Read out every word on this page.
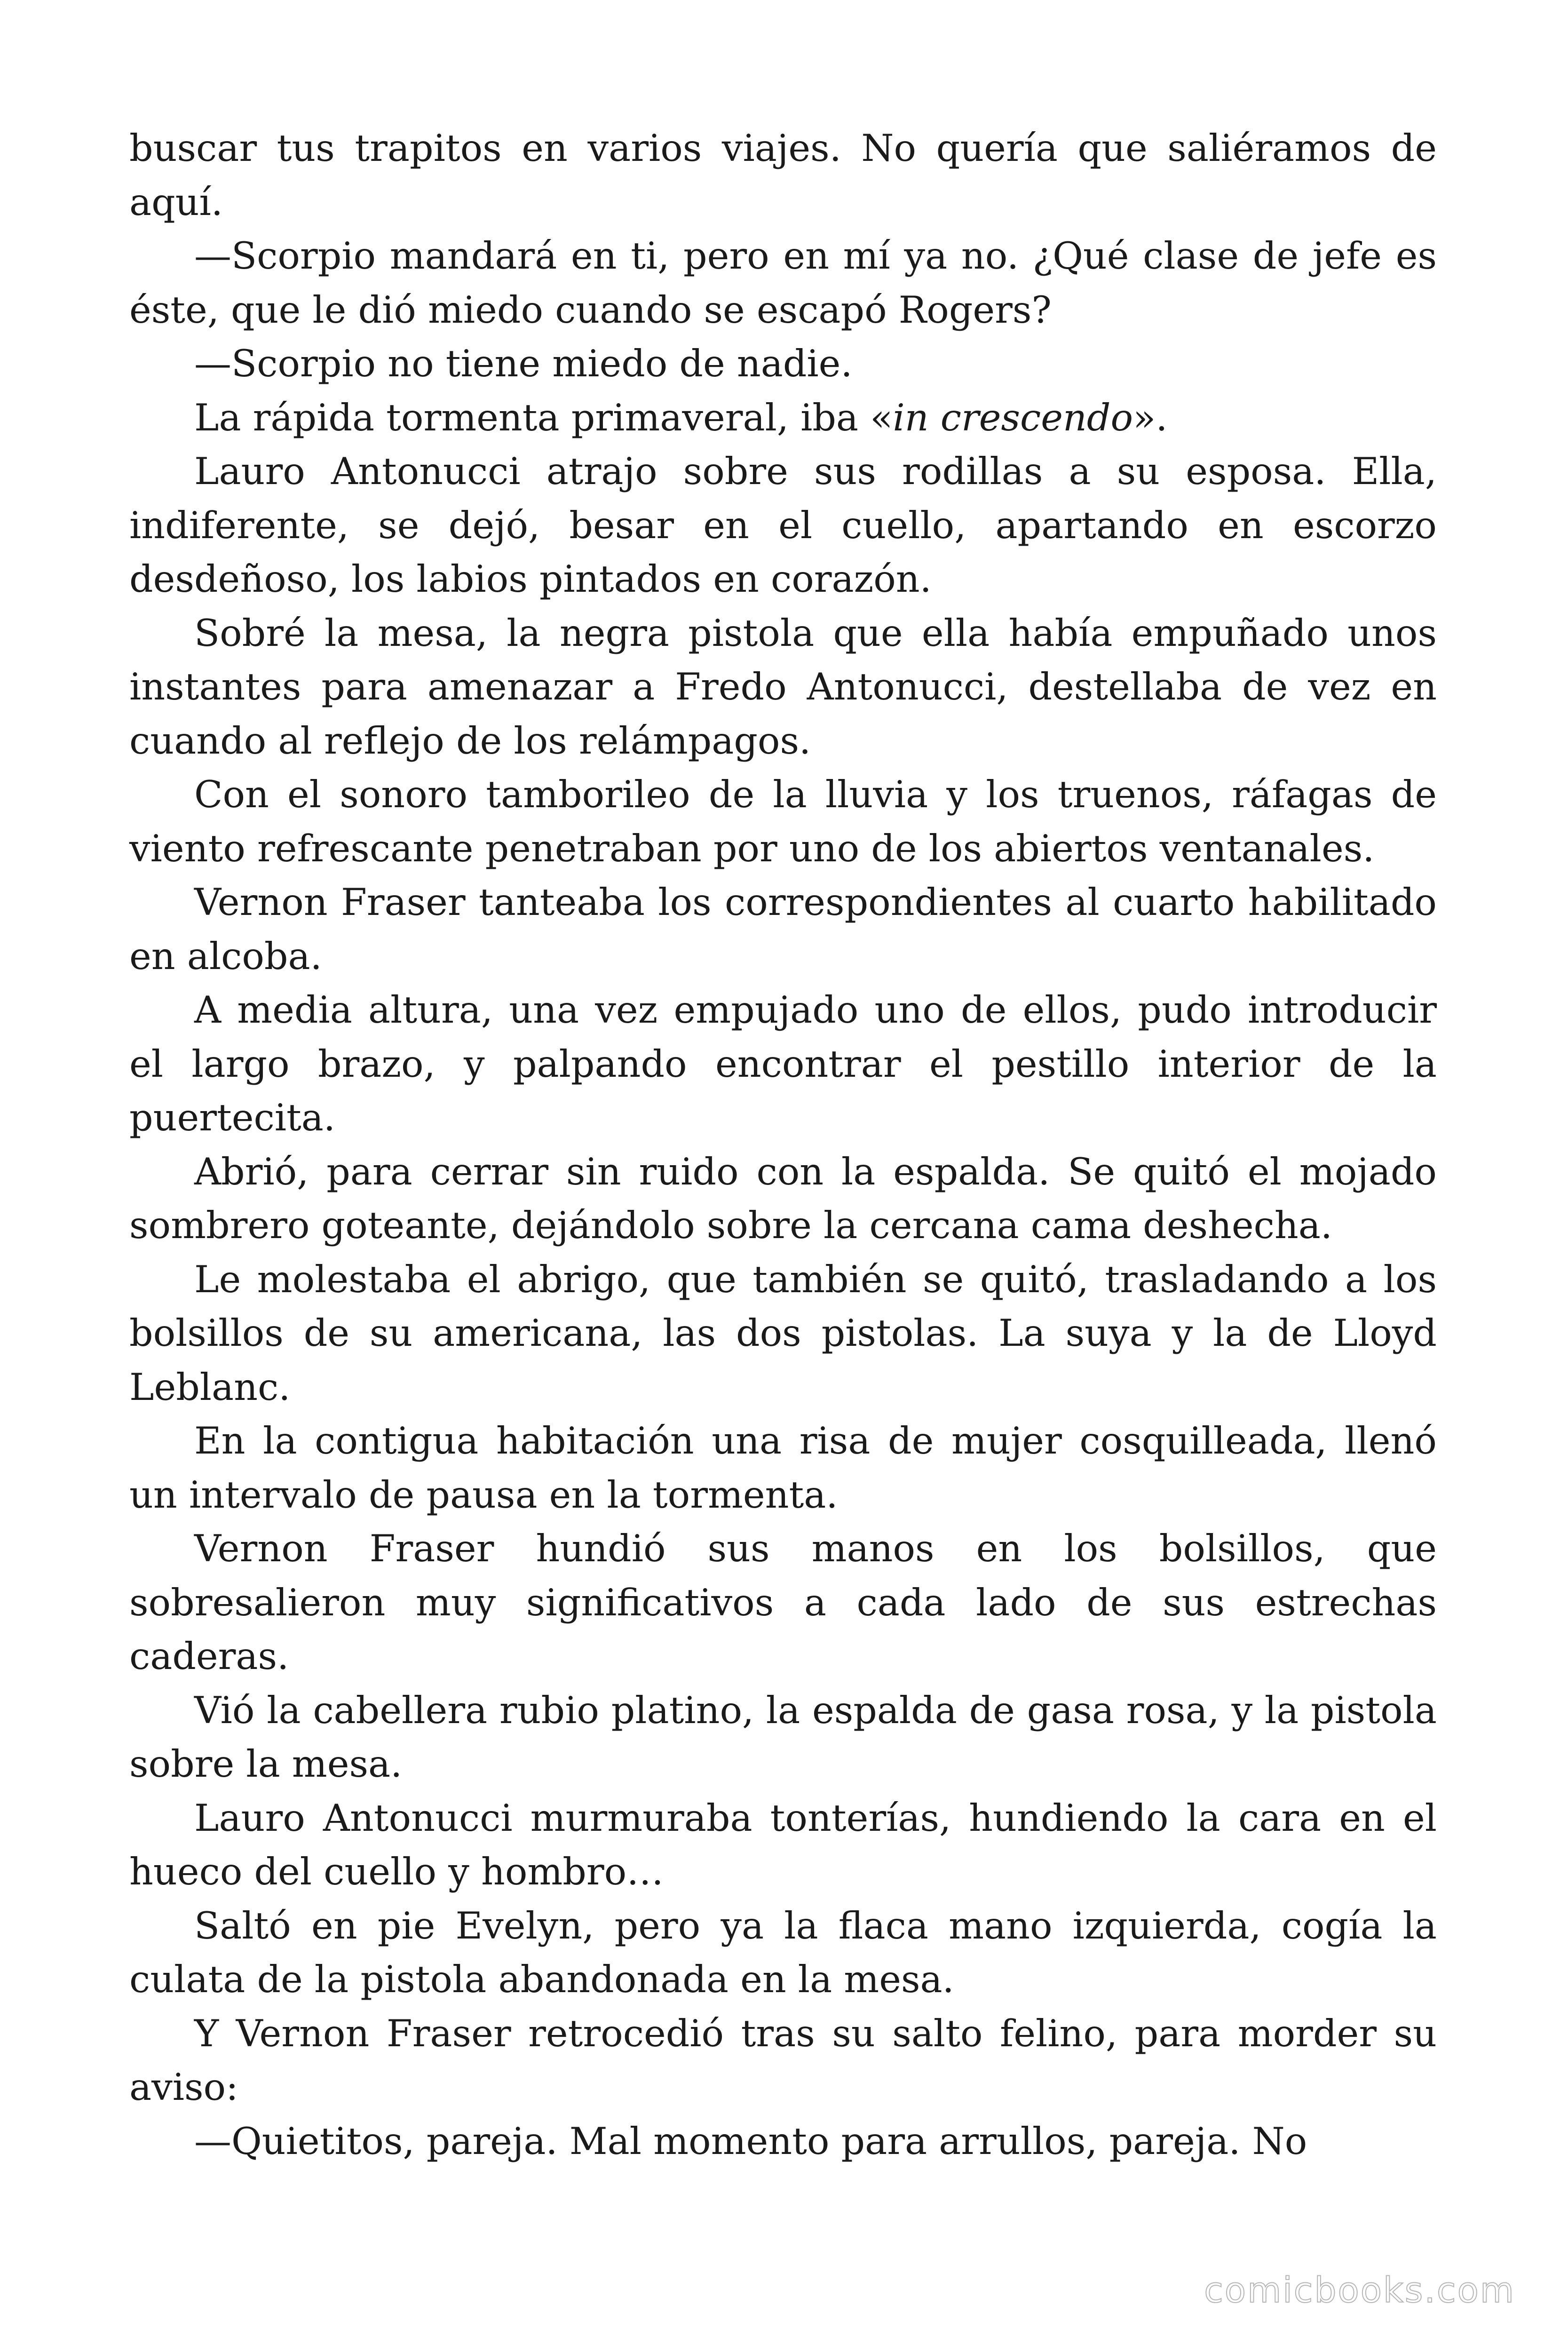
buscar tus trapitos en varios viajes. No quería que saliéramos de aquí.

—Scorpio mandará en ti, pero en mí ya no. ¿Qué clase de jefe es éste, que le dió miedo cuando se escapó Rogers?

—Scorpio no tiene miedo de nadie.

La rápida tormenta primaveral, iba «in crescendo».

Lauro Antonucci atrajo sobre sus rodillas a su esposa. Ella, indiferente, se dejó, besar en el cuello, apartando en escorzo desdeñoso, los labios pintados en corazón.

Sobré la mesa, la negra pistola que ella había empuñado unos instantes para amenazar a Fredo Antonucci, destellaba de vez en cuando al reflejo de los relámpagos.

Con el sonoro tamborileo de la lluvia y los truenos, ráfagas de viento refrescante penetraban por uno de los abiertos ventanales.

Vernon Fraser tanteaba los correspondientes al cuarto habilitado en alcoba.

A media altura, una vez empujado uno de ellos, pudo introducir el largo brazo, y palpando encontrar el pestillo interior de la puertecita.

Abrió, para cerrar sin ruido con la espalda. Se quitó el mojado sombrero goteante, dejándolo sobre la cercana cama deshecha.

Le molestaba el abrigo, que también se quitó, trasladando a los bolsillos de su americana, las dos pistolas. La suya y la de Lloyd Leblanc.

En la contigua habitación una risa de mujer cosquilleada, llenó un intervalo de pausa en la tormenta.

Vernon Fraser hundió sus manos en los bolsillos, que sobresalieron muy significativos a cada lado de sus estrechas caderas.

Vió la cabellera rubio platino, la espalda de gasa rosa, y la pistola sobre la mesa.

Lauro Antonucci murmuraba tonterías, hundiendo la cara en el hueco del cuello y hombro…

Saltó en pie Evelyn, pero ya la flaca mano izquierda, cogía la culata de la pistola abandonada en la mesa.

Y Vernon Fraser retrocedió tras su salto felino, para morder su aviso:

—Quietitos, pareja. Mal momento para arrullos, pareja. No

comicbooks.com
